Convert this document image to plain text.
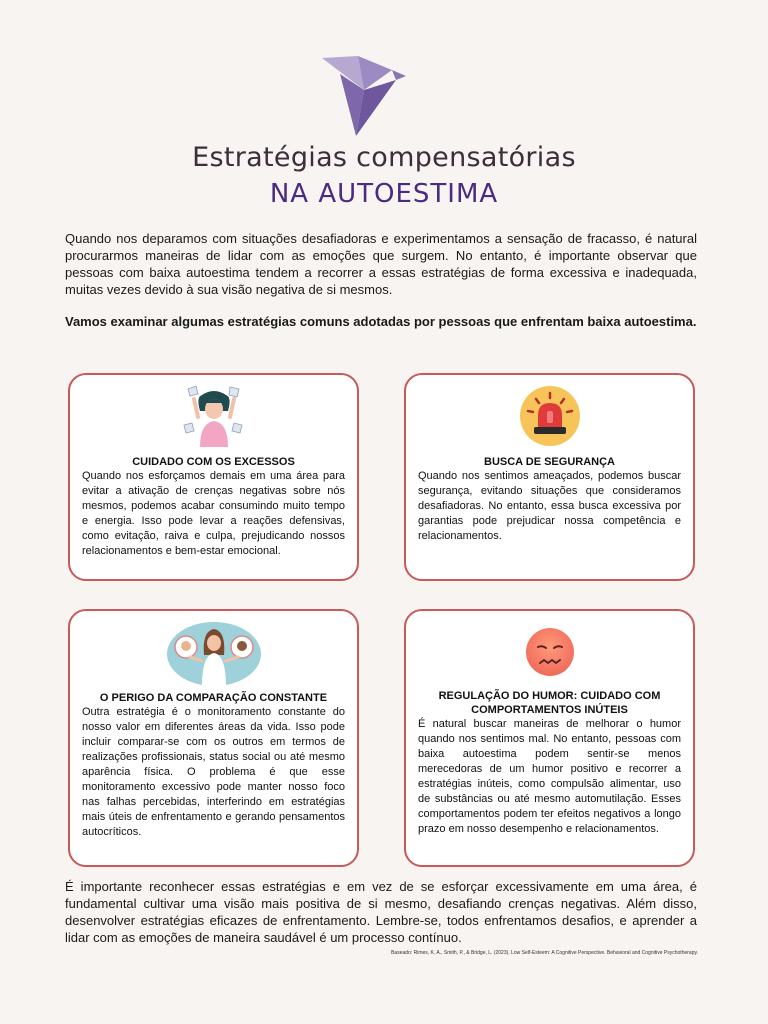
Estratégias compensatórias
NA AUTOESTIMA

Quando nos deparamos com situações desafiadoras e experimentamos a sensação de fracasso, é natural procurarmos maneiras de lidar com as emoções que surgem. No entanto, é importante observar que pessoas com baixa autoestima tendem a recorrer a essas estratégias de forma excessiva e inadequada, muitas vezes devido à sua visão negativa de si mesmos.

Vamos examinar algumas estratégias comuns adotadas por pessoas que enfrentam baixa autoestima.

CUIDADO COM OS EXCESSOS

Quando nos esforçamos demais em uma área para evitar a ativação de crenças negativas sobre nós mesmos, podemos acabar consumindo muito tempo e energia. Isso pode levar a reações defensivas, como evitação, raiva e culpa, prejudicando nossos relacionamentos e bem-estar emocional.

BUSCA DE SEGURANÇA

Quando nos sentimos ameaçados, podemos buscar segurança, evitando situações que consideramos desafiadoras. No entanto, essa busca excessiva por garantias pode prejudicar nossa competência e relacionamentos.

O PERIGO DA COMPARAÇÃO CONSTANTE

Outra estratégia é o monitoramento constante do nosso valor em diferentes áreas da vida. Isso pode incluir comparar-se com os outros em termos de realizações profissionais, status social ou até mesmo aparência física. O problema é que esse monitoramento excessivo pode manter nosso foco nas falhas percebidas, interferindo em estratégias mais úteis de enfrentamento e gerando pensamentos autocríticos.

REGULAÇÃO DO HUMOR: CUIDADO COM COMPORTAMENTOS INÚTEIS

É natural buscar maneiras de melhorar o humor quando nos sentimos mal. No entanto, pessoas com baixa autoestima podem sentir-se menos merecedoras de um humor positivo e recorrer a estratégias inúteis, como compulsão alimentar, uso de substâncias ou até mesmo automutilação. Esses comportamentos podem ter efeitos negativos a longo prazo em nosso desempenho e relacionamentos.

É importante reconhecer essas estratégias e em vez de se esforçar excessivamente em uma área, é fundamental cultivar uma visão mais positiva de si mesmo, desafiando crenças negativas. Além disso, desenvolver estratégias eficazes de enfrentamento. Lembre-se, todos enfrentamos desafios, e aprender a lidar com as emoções de maneira saudável é um processo contínuo.

Baseado: Rimes, K. A., Smith, P., & Bridge, L. (2023). Low Self-Esteem: A Cognitive Perspective. Behavioral and Cognitive Psychotherapy.
